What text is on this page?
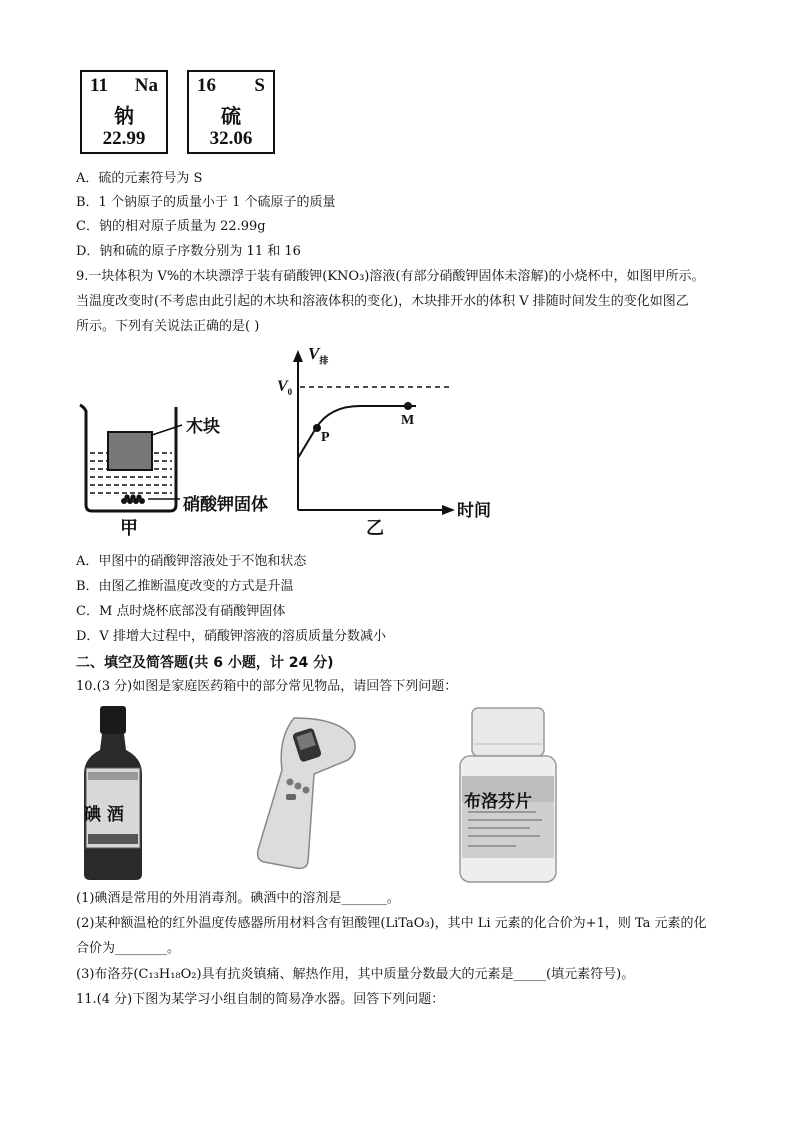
11 Na
钠
22.99
16 S
硫
32.06
A．硫的元素符号为 S
B．1 个钠原子的质量小于 1 个硫原子的质量
C．钠的相对原子质量为 22.99g
D．钠和硫的原子序数分别为 11 和 16
9.一块体积为 V%的木块漂浮于装有硝酸钾(KNO₃)溶液(有部分硝酸钾固体未溶解)的小烧杯中，如图甲所示。
当温度改变时(不考虑由此引起的木块和溶液体积的变化)，木块排开水的体积 V 排随时间发生的变化如图乙
所示。下列有关说法正确的是( )
木块
硝酸钾固体
甲
$V_排$
$V_0$
P
M
时间
乙
A．甲图中的硝酸钾溶液处于不饱和状态
B．由图乙推断温度改变的方式是升温
C．M 点时烧杯底部没有硝酸钾固体
D．V 排增大过程中，硝酸钾溶液的溶质质量分数减小
二、填空及简答题(共 6 小题，计 24 分)
10.(3 分)如图是家庭医药箱中的部分常见物品，请回答下列问题：
碘 酒
布洛芬片
(1)碘酒是常用的外用消毒剂。碘酒中的溶剂是_______。
(2)某种额温枪的红外温度传感器所用材料含有钽酸锂(LiTaO₃)，其中 Li 元素的化合价为+1，则 Ta 元素的化
合价为________。
(3)布洛芬(C₁₃H₁₈O₂)具有抗炎镇痛、解热作用，其中质量分数最大的元素是_____(填元素符号)。
11.(4 分)下图为某学习小组自制的简易净水器。回答下列问题：
